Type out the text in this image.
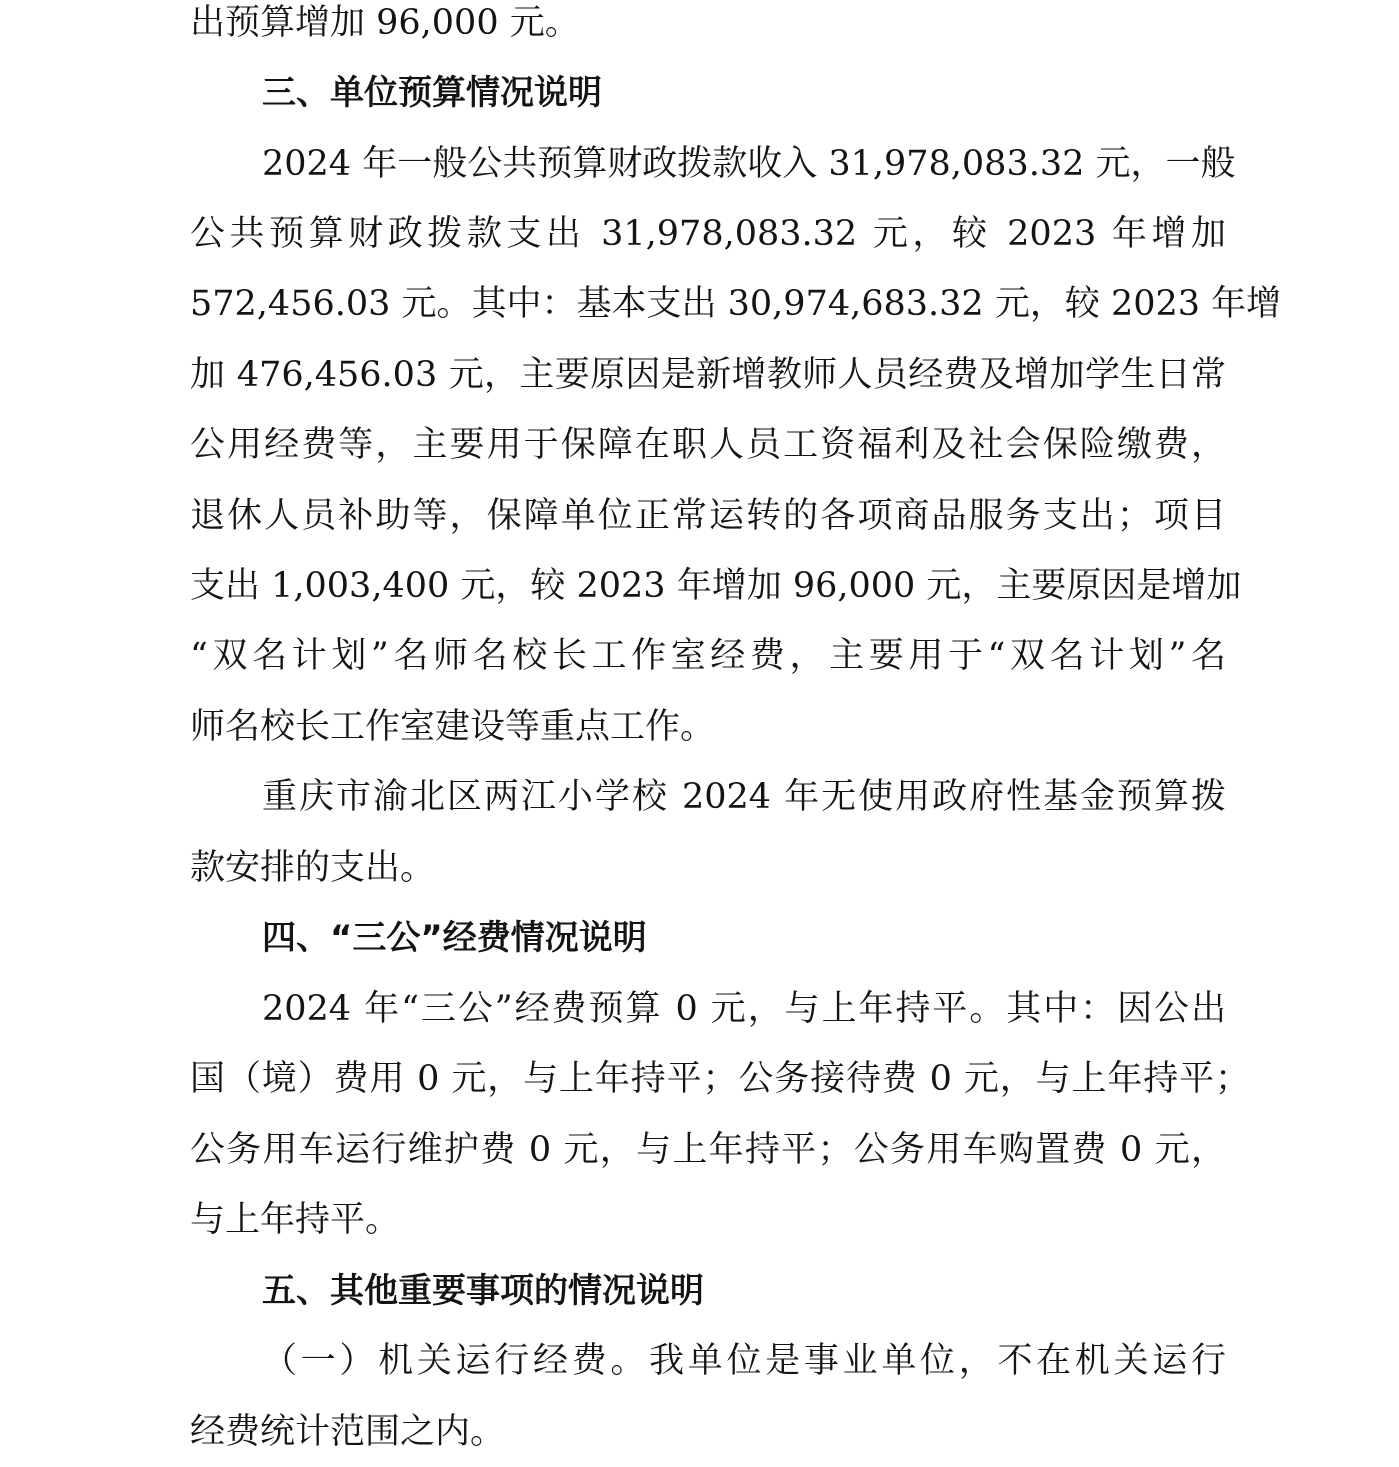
出预算增加 96,000 元。
三、单位预算情况说明
2024 年一般公共预算财政拨款收入 31,978,083.32 元，一般
公共预算财政拨款支出 31,978,083.32 元，较 2023 年增加
572,456.03 元。其中：基本支出 30,974,683.32 元，较 2023 年增
加 476,456.03 元，主要原因是新增教师人员经费及增加学生日常
公用经费等，主要用于保障在职人员工资福利及社会保险缴费，
退休人员补助等，保障单位正常运转的各项商品服务支出；项目
支出 1,003,400 元，较 2023 年增加 96,000 元，主要原因是增加
“双名计划”名师名校长工作室经费，主要用于“双名计划”名
师名校长工作室建设等重点工作。
重庆市渝北区两江小学校 2024 年无使用政府性基金预算拨
款安排的支出。
四、“三公”经费情况说明
2024 年“三公”经费预算 0 元，与上年持平。其中：因公出
国（境）费用 0 元，与上年持平；公务接待费 0 元，与上年持平；
公务用车运行维护费 0 元，与上年持平；公务用车购置费 0 元，
与上年持平。
五、其他重要事项的情况说明
（一）机关运行经费。我单位是事业单位，不在机关运行
经费统计范围之内。
